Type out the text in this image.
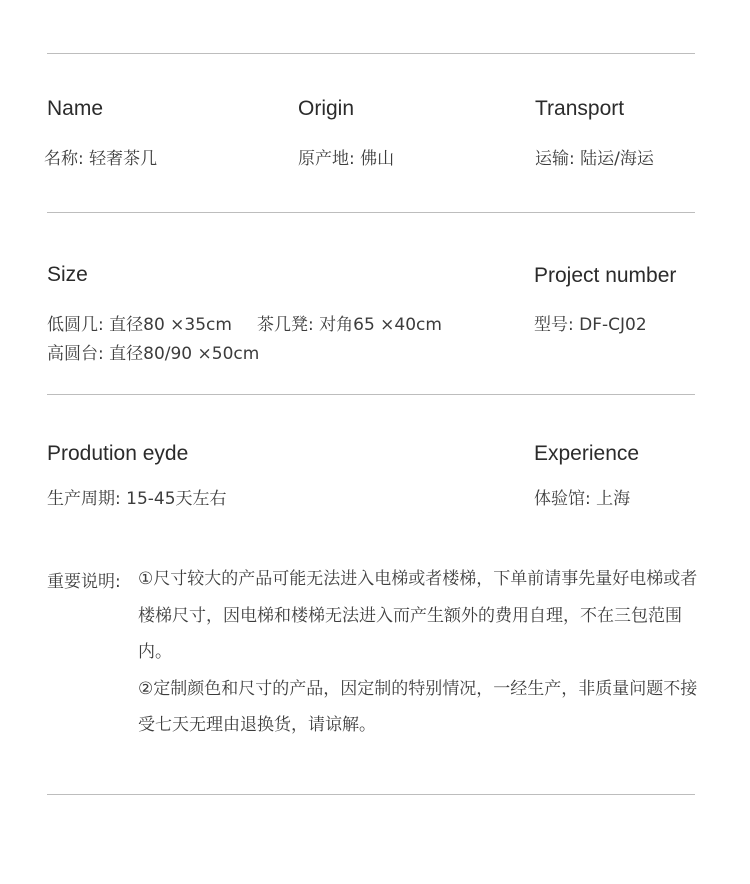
Name
名称: 轻奢茶几
Origin
原产地: 佛山
Transport
运输: 陆运/海运
Size
低圆几: 直径80 ×35cm 茶几凳: 对角65 ×40cm
高圆台: 直径80/90 ×50cm
Project number
型号: DF-CJ02
Prodution eyde
生产周期: 15-45天左右
Experience
体验馆: 上海
重要说明: ①尺寸较大的产品可能无法进入电梯或者楼梯，下单前请事先量好电梯或者楼梯尺寸，因电梯和楼梯无法进入而产生额外的费用自理，不在三包范围内。

②定制颜色和尺寸的产品，因定制的特别情况，一经生产，非质量问题不接受七天无理由退换货，请谅解。
